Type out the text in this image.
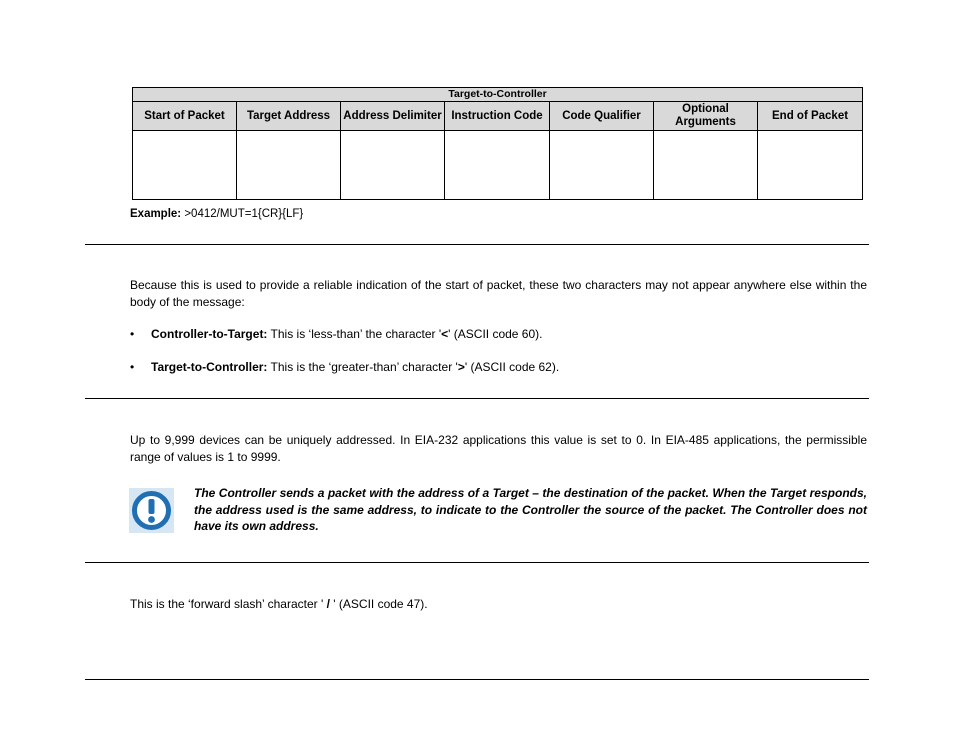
Target-to-Controller						
Start of Packet	Target Address	Address Delimiter	Instruction Code	Code Qualifier	Optional Arguments	End of Packet

Example: >0412/MUT=1{CR}{LF}
Because this is used to provide a reliable indication of the start of packet, these two characters may not appear anywhere else within the body of the message:
• Controller-to-Target: This is ‘less-than’ the character '<' (ASCII code 60).
• Target-to-Controller: This is the ‘greater-than’ character '>' (ASCII code 62).
Up to 9,999 devices can be uniquely addressed. In EIA-232 applications this value is set to 0. In EIA-485 applications, the permissible range of values is 1 to 9999.
The Controller sends a packet with the address of a Target – the destination of the packet. When the Target responds, the address used is the same address, to indicate to the Controller the source of the packet. The Controller does not have its own address.
This is the ‘forward slash’ character ' / ' (ASCII code 47).
